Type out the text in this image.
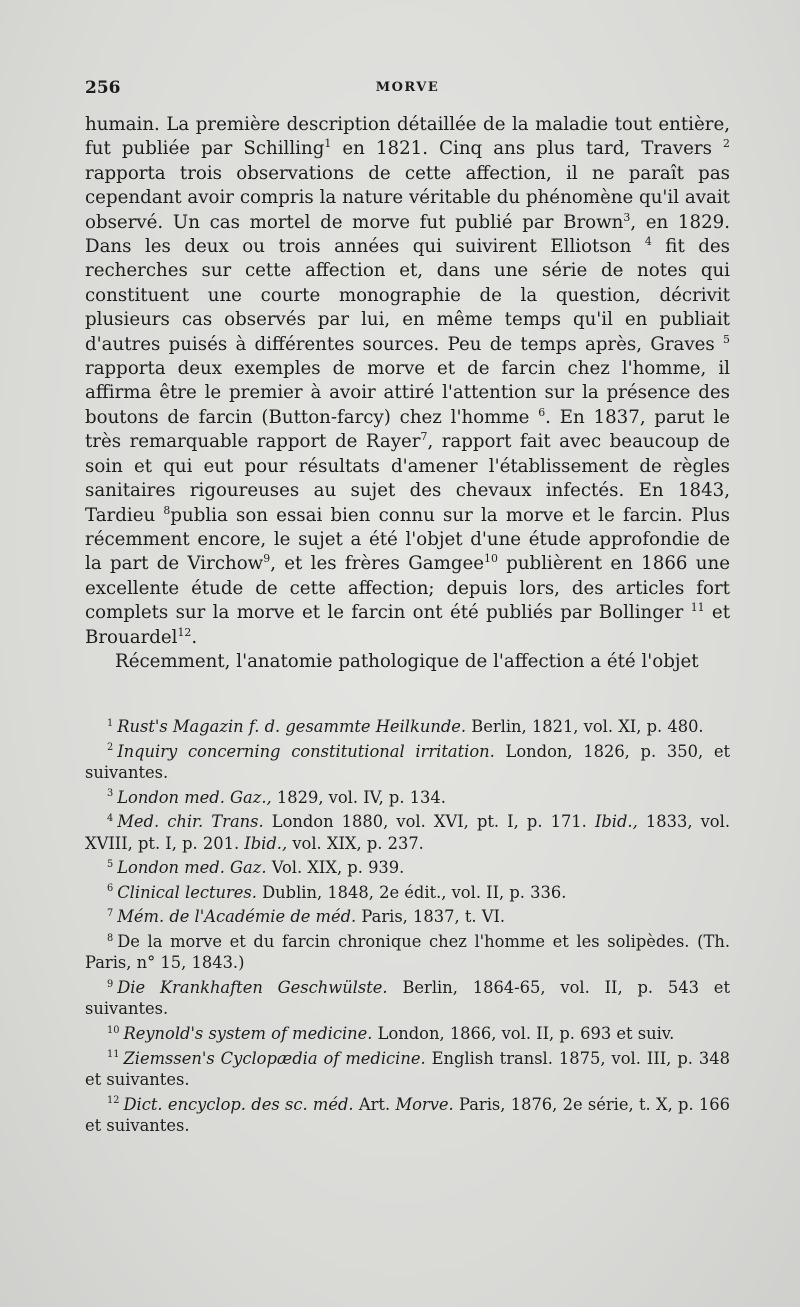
256	MORVE

humain. La première description détaillée de la maladie tout entière, fut publiée par Schilling$^1$ en 1821. Cinq ans plus tard, Travers $^2$ rapporta trois observations de cette affection, il ne paraît pas cependant avoir compris la nature véritable du phénomène qu'il avait observé. Un cas mortel de morve fut publié par Brown$^3$, en 1829. Dans les deux ou trois années qui suivirent Elliotson $^4$ fit des recherches sur cette affection et, dans une série de notes qui constituent une courte monographie de la question, décrivit plusieurs cas observés par lui, en même temps qu'il en publiait d'autres puisés à différentes sources. Peu de temps après, Graves $^5$ rapporta deux exemples de morve et de farcin chez l'homme, il affirma être le premier à avoir attiré l'attention sur la présence des boutons de farcin (Button-farcy) chez l'homme $^6$. En 1837, parut le très remarquable rapport de Rayer$^7$, rapport fait avec beaucoup de soin et qui eut pour résultats d'amener l'établissement de règles sanitaires rigoureuses au sujet des chevaux infectés. En 1843, Tardieu $^8$publia son essai bien connu sur la morve et le farcin. Plus récemment encore, le sujet a été l'objet d'une étude approfondie de la part de Virchow$^9$, et les frères Gamgee$^{10}$ publièrent en 1866 une excellente étude de cette affection; depuis lors, des articles fort complets sur la morve et le farcin ont été publiés par Bollinger $^{11}$ et Brouardel$^{12}$.

Récemment, l'anatomie pathologique de l'affection a été l'objet

$^1$ Rust's Magazin f. d. gesammte Heilkunde. Berlin, 1821, vol. XI, p. 480.

$^2$ Inquiry concerning constitutional irritation. London, 1826, p. 350, et suivantes.

$^3$ London med. Gaz., 1829, vol. IV, p. 134.

$^4$ Med. chir. Trans. London 1880, vol. XVI, pt. I, p. 171. Ibid., 1833, vol. XVIII, pt. I, p. 201. Ibid., vol. XIX, p. 237.

$^5$ London med. Gaz. Vol. XIX, p. 939.

$^6$ Clinical lectures. Dublin, 1848, 2e édit., vol. II, p. 336.

$^7$ Mém. de l'Académie de méd. Paris, 1837, t. VI.

$^8$ De la morve et du farcin chronique chez l'homme et les solipèdes. (Th. Paris, n° 15, 1843.)

$^9$ Die Krankhaften Geschwülste. Berlin, 1864-65, vol. II, p. 543 et suivantes.

$^{10}$ Reynold's system of medicine. London, 1866, vol. II, p. 693 et suiv.

$^{11}$ Ziemssen's Cyclopædia of medicine. English transl. 1875, vol. III, p. 348 et suivantes.

$^{12}$ Dict. encyclop. des sc. méd. Art. Morve. Paris, 1876, 2e série, t. X, p. 166 et suivantes.
